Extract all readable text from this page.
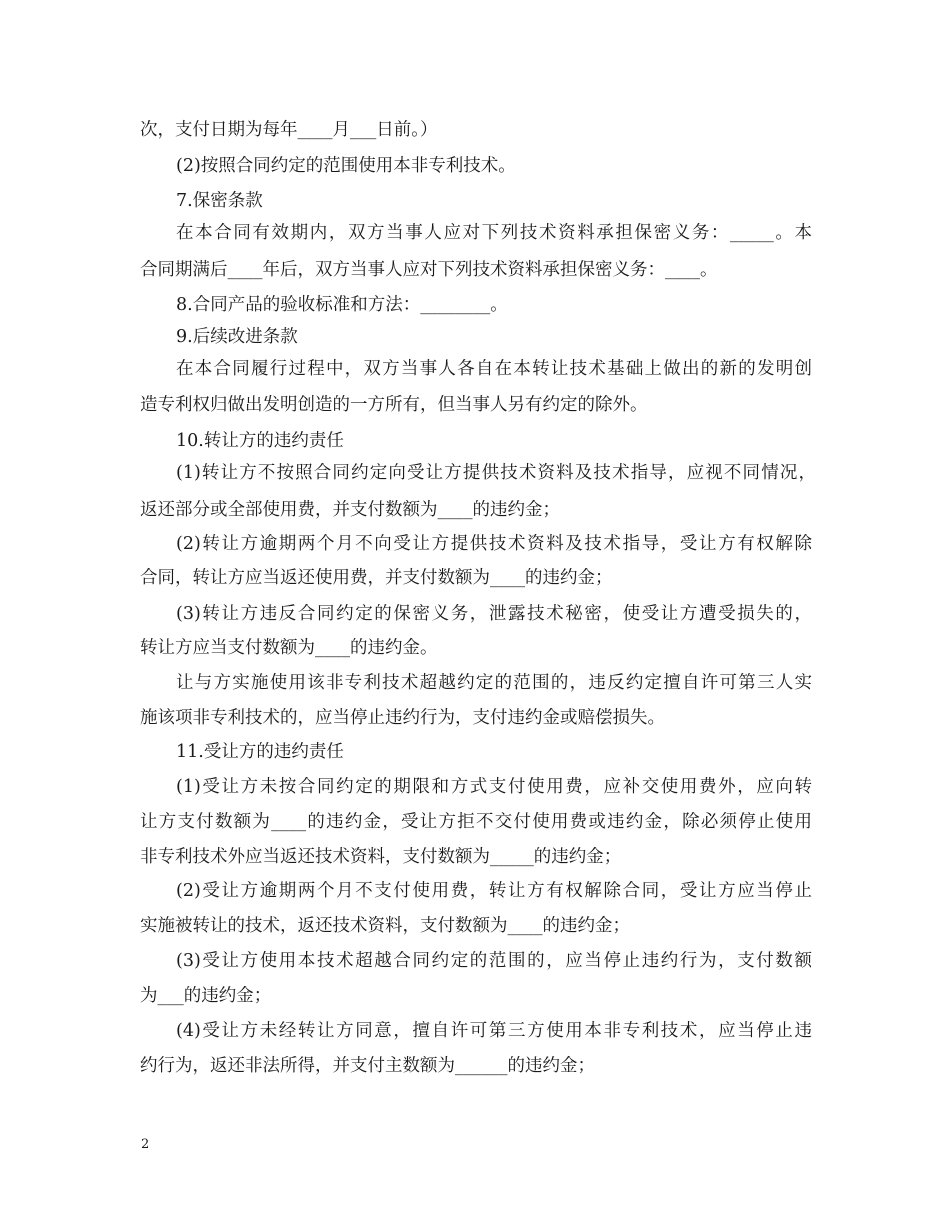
次，支付日期为每年____月___日前。）
(2)按照合同约定的范围使用本非专利技术。
7.保密条款
在本合同有效期内，双方当事人应对下列技术资料承担保密义务：_____。本
合同期满后____年后，双方当事人应对下列技术资料承担保密义务：____。
8.合同产品的验收标准和方法：________。
9.后续改进条款
在本合同履行过程中，双方当事人各自在本转让技术基础上做出的新的发明创
造专利权归做出发明创造的一方所有，但当事人另有约定的除外。
10.转让方的违约责任
(1)转让方不按照合同约定向受让方提供技术资料及技术指导，应视不同情况，
返还部分或全部使用费，并支付数额为____的违约金；
(2)转让方逾期两个月不向受让方提供技术资料及技术指导，受让方有权解除
合同，转让方应当返还使用费，并支付数额为____的违约金；
(3)转让方违反合同约定的保密义务，泄露技术秘密，使受让方遭受损失的，
转让方应当支付数额为____的违约金。
让与方实施使用该非专利技术超越约定的范围的，违反约定擅自许可第三人实
施该项非专利技术的，应当停止违约行为，支付违约金或赔偿损失。
11.受让方的违约责任
(1)受让方未按合同约定的期限和方式支付使用费，应补交使用费外，应向转
让方支付数额为____的违约金，受让方拒不交付使用费或违约金，除必须停止使用
非专利技术外应当返还技术资料，支付数额为_____的违约金；
(2)受让方逾期两个月不支付使用费，转让方有权解除合同，受让方应当停止
实施被转让的技术，返还技术资料，支付数额为____的违约金；
(3)受让方使用本技术超越合同约定的范围的，应当停止违约行为，支付数额
为___的违约金；
(4)受让方未经转让方同意，擅自许可第三方使用本非专利技术，应当停止违
约行为，返还非法所得，并支付主数额为______的违约金；
2
